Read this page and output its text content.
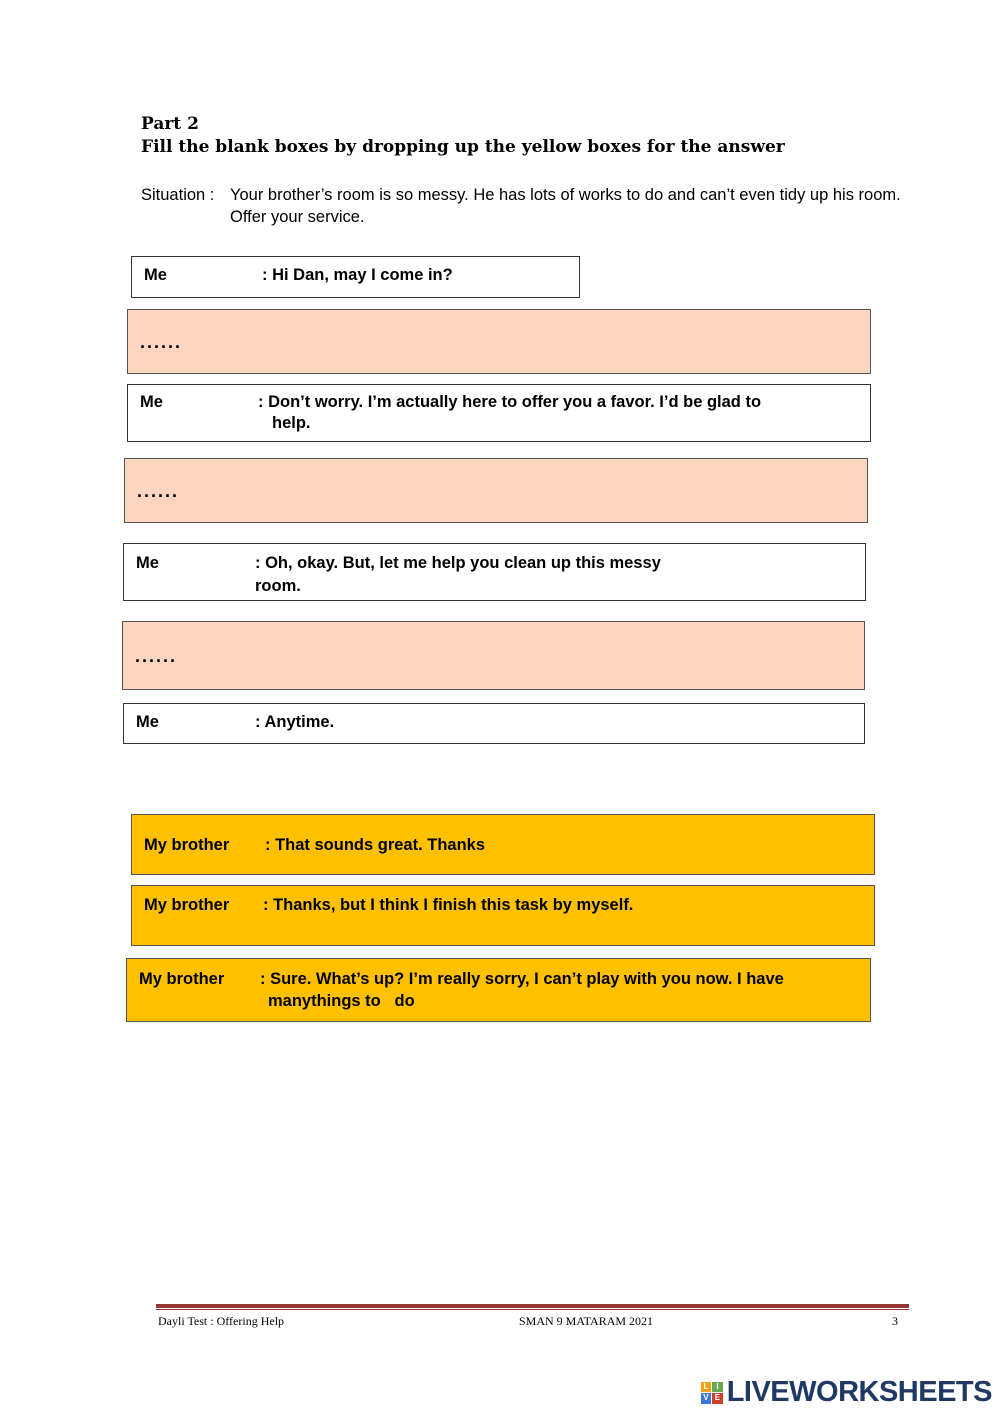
Part 2
Fill the blank boxes by dropping up the yellow boxes for the answer
Situation : Your brother’s room is so messy. He has lots of works to do and can’t even tidy up his room. Offer your service.
Me	: Hi Dan, may I come in?
......
Me	: Don’t worry. I’m actually here to offer you a favor. I’d be glad to
help.
......
Me	: Oh, okay. But, let me help you clean up this messy
room.
......
Me	: Anytime.
My brother : That sounds great. Thanks
My brother : Thanks, but I think I finish this task by myself.
My brother : Sure. What’s up? I’m really sorry, I can’t play with you now. I have
manythings to   do
Dayli Test : Offering Help	SMAN 9 MATARAM 2021	3
L I
V E LIVEWORKSHEETS
